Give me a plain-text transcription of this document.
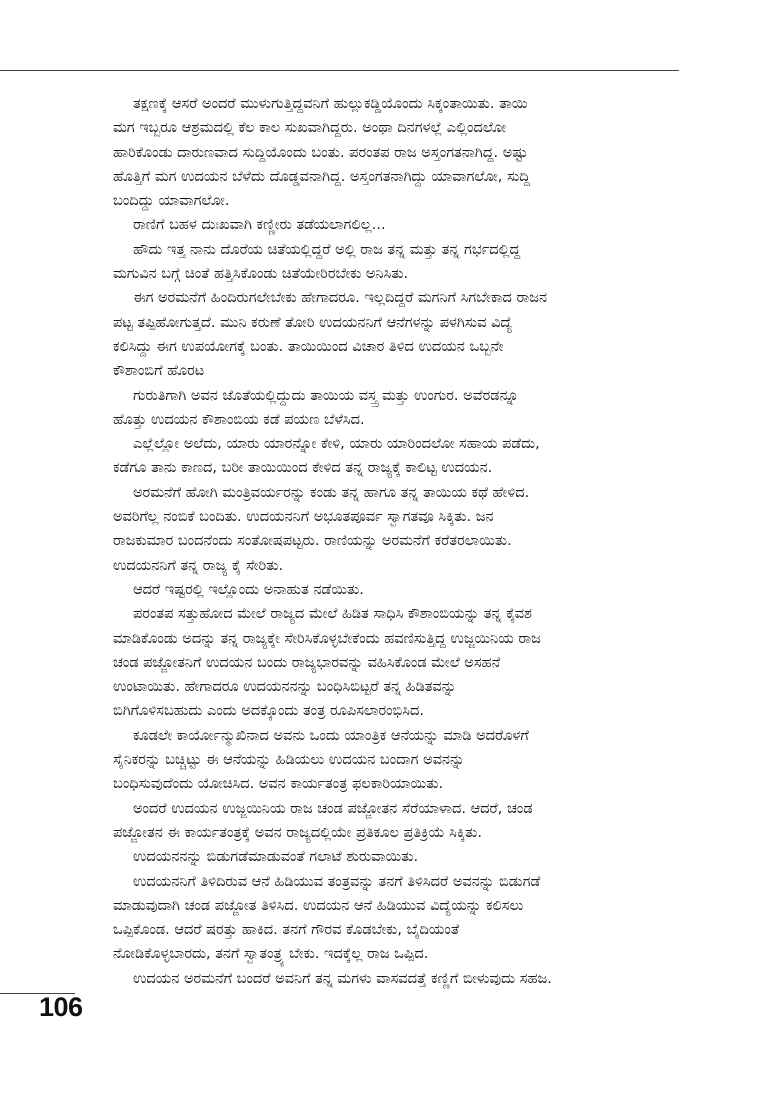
ತಕ್ಷಣಕ್ಕೆ ಆಸರೆ ಅಂದರೆ ಮುಳುಗುತ್ತಿದ್ದವನಿಗೆ ಹುಲ್ಲುಕಡ್ಡಿಯೊಂದು ಸಿಕ್ಕಂತಾಯಿತು. ತಾಯಿ
ಮಗ ಇಬ್ಬರೂ ಆಶ್ರಮದಲ್ಲಿ ಕೆಲ ಕಾಲ ಸುಖವಾಗಿದ್ದರು. ಅಂಥಾ ದಿನಗಳಲ್ಲೆ ಎಲ್ಲಿಂದಲೋ
ಹಾರಿಕೊಂಡು ದಾರುಣವಾದ ಸುದ್ದಿಯೊಂದು ಬಂತು. ಪರಂತಪ ರಾಜ ಅಸ್ತಂಗತನಾಗಿದ್ದ. ಅಷ್ಟು
ಹೊತ್ತಿಗೆ ಮಗ ಉದಯನ ಬೆಳೆದು ದೊಡ್ಡವನಾಗಿದ್ದ. ಅಸ್ತಂಗತನಾಗಿದ್ದು ಯಾವಾಗಲೋ, ಸುದ್ದಿ
ಬಂದಿದ್ದು ಯಾವಾಗಲೋ.

ರಾಣಿಗೆ ಬಹಳ ದುಃಖವಾಗಿ ಕಣ್ಣೀರು ತಡೆಯಲಾಗಲಿಲ್ಲ...

ಹೌದು ಇತ್ತ ನಾನು ದೊರೆಯ ಚಿತೆಯಲ್ಲಿದ್ದರೆ ಅಲ್ಲಿ ರಾಜ ತನ್ನ ಮತ್ತು ತನ್ನ ಗರ್ಭದಲ್ಲಿದ್ದ
ಮಗುವಿನ ಬಗ್ಗೆ ಚಿಂತೆ ಹತ್ತಿಸಿಕೊಂಡು ಚಿತೆಯೇರಿರಬೇಕು ಅನಿಸಿತು.

ಈಗ ಅರಮನೆಗೆ ಹಿಂದಿರುಗಲೇಬೇಕು ಹೇಗಾದರೂ. ಇಲ್ಲದಿದ್ದರೆ ಮಗನಿಗೆ ಸಿಗಬೇಕಾದ ರಾಜನ
ಪಟ್ಟ ತಪ್ಪಿಹೋಗುತ್ತದೆ. ಮುನಿ ಕರುಣೆ ತೋರಿ ಉದಯನನಿಗೆ ಆನೆಗಳನ್ನು ಪಳಗಿಸುವ ವಿದ್ಯೆ
ಕಲಿಸಿದ್ದು ಈಗ ಉಪಯೋಗಕ್ಕೆ ಬಂತು. ತಾಯಿಯಿಂದ ವಿಚಾರ ತಿಳಿದ ಉದಯನ ಒಬ್ಬನೇ
ಕೌಶಾಂಬಿಗೆ ಹೊರಟ

ಗುರುತಿಗಾಗಿ ಅವನ ಜೊತೆಯಲ್ಲಿದ್ದುದು ತಾಯಿಯ ವಸ್ತ್ರ ಮತ್ತು ಉಂಗುರ. ಅವೆರಡನ್ನೂ
ಹೊತ್ತು ಉದಯನ ಕೌಶಾಂಬಿಯ ಕಡೆ ಪಯಣ ಬೆಳೆಸಿದ.

ಎಲ್ಲೆಲ್ಲೋ ಅಲೆದು, ಯಾರು ಯಾರನ್ನೋ ಕೇಳಿ, ಯಾರು ಯಾರಿಂದಲೋ ಸಹಾಯ ಪಡೆದು,
ಕಡೆಗೂ ತಾನು ಕಾಣದ, ಬರೀ ತಾಯಿಯಿಂದ ಕೇಳಿದ ತನ್ನ ರಾಜ್ಯಕ್ಕೆ ಕಾಲಿಟ್ಟ ಉದಯನ.

ಅರಮನೆಗೆ ಹೋಗಿ ಮಂತ್ರಿವರ್ಯರನ್ನು ಕಂಡು ತನ್ನ ಹಾಗೂ ತನ್ನ ತಾಯಿಯ ಕಥೆ ಹೇಳಿದ.
ಅವರಿಗೆಲ್ಲ ನಂಬಿಕೆ ಬಂದಿತು. ಉದಯನನಿಗೆ ಅಭೂತಪೂರ್ವ ಸ್ವಾಗತವೂ ಸಿಕ್ಕಿತು. ಜನ
ರಾಜಕುಮಾರ ಬಂದನೆಂದು ಸಂತೋಷಪಟ್ಟರು. ರಾಣಿಯನ್ನು ಅರಮನೆಗೆ ಕರೆತರಲಾಯಿತು.
ಉದಯನನಿಗೆ ತನ್ನ ರಾಜ್ಯ ಕೈ ಸೇರಿತು.

ಆದರೆ ಇಷ್ಟರಲ್ಲಿ ಇಲ್ಲೊಂದು ಅನಾಹುತ ನಡೆಯಿತು.

ಪರಂತಪ ಸತ್ತುಹೋದ ಮೇಲೆ ರಾಜ್ಯದ ಮೇಲೆ ಹಿಡಿತ ಸಾಧಿಸಿ ಕೌಶಾಂಬಿಯನ್ನು ತನ್ನ ಕೈವಶ
ಮಾಡಿಕೊಂಡು ಅದನ್ನು ತನ್ನ ರಾಜ್ಯಕ್ಕೇ ಸೇರಿಸಿಕೊಳ್ಳಬೇಕೆಂದು ಹವಣಿಸುತ್ತಿದ್ದ ಉಜ್ಜಯಿನಿಯ ರಾಜ
ಚಂಡ ಪಜ್ಜೋತನಿಗೆ ಉದಯನ ಬಂದು ರಾಜ್ಯಭಾರವನ್ನು ವಹಿಸಿಕೊಂಡ ಮೇಲೆ ಅಸಹನೆ
ಉಂಟಾಯಿತು. ಹೇಗಾದರೂ ಉದಯನನನ್ನು ಬಂಧಿಸಿಬಿಟ್ಟರೆ ತನ್ನ ಹಿಡಿತವನ್ನು
ಬಿಗಿಗೊಳಿಸಬಹುದು ಎಂದು ಅದಕ್ಕೊಂದು ತಂತ್ರ ರೂಪಿಸಲಾರಂಭಿಸಿದ.

ಕೂಡಲೇ ಕಾರ್ಯೋನ್ಮುಖಿನಾದ ಅವನು ಒಂದು ಯಾಂತ್ರಿಕ ಆನೆಯನ್ನು ಮಾಡಿ ಅದರೊಳಗೆ
ಸೈನಿಕರನ್ನು ಬಚ್ಚಿಟ್ಟು ಈ ಆನೆಯನ್ನು ಹಿಡಿಯಲು ಉದಯನ ಬಂದಾಗ ಅವನನ್ನು
ಬಂಧಿಸುವುದೆಂದು ಯೋಚಿಸಿದ. ಅವನ ಕಾರ್ಯತಂತ್ರ ಫಲಕಾರಿಯಾಯಿತು.

ಅಂದರೆ ಉದಯನ ಉಜ್ಜಯಿನಿಯ ರಾಜ ಚಂಡ ಪಜ್ಜೋತನ ಸೆರೆಯಾಳಾದ. ಆದರೆ, ಚಂಡ
ಪಜ್ಜೋತನ ಈ ಕಾರ್ಯತಂತ್ರಕ್ಕೆ ಅವನ ರಾಜ್ಯದಲ್ಲಿಯೇ ಪ್ರತಿಕೂಲ ಪ್ರತಿಕ್ರಿಯೆ ಸಿಕ್ಕಿತು.

ಉದಯನನನ್ನು ಬಿಡುಗಡೆಮಾಡುವಂತೆ ಗಲಾಟೆ ಶುರುವಾಯಿತು.

ಉದಯನನಿಗೆ ತಿಳಿದಿರುವ ಆನೆ ಹಿಡಿಯುವ ತಂತ್ರವನ್ನು ತನಗೆ ತಿಳಿಸಿದರೆ ಅವನನ್ನು ಬಿಡುಗಡೆ
ಮಾಡುವುದಾಗಿ ಚಂಡ ಪಜ್ಜೋತ ತಿಳಿಸಿದ. ಉದಯನ ಆನೆ ಹಿಡಿಯುವ ವಿದ್ಯೆಯನ್ನು ಕಲಿಸಲು
ಒಪ್ಪಿಕೊಂಡ. ಆದರೆ ಷರತ್ತು ಹಾಕಿದ. ತನಗೆ ಗೌರವ ಕೊಡಬೇಕು, ಬೈದಿಯಂತೆ
ನೋಡಿಕೊಳ್ಳಬಾರದು, ತನಗೆ ಸ್ವಾತಂತ್ರ್ಯ ಬೇಕು. ಇದಕ್ಕೆಲ್ಲ ರಾಜ ಒಪ್ಪಿದ.

ಉದಯನ ಅರಮನೆಗೆ ಬಂದರೆ ಅವನಿಗೆ ತನ್ನ ಮಗಳು ವಾಸವದತ್ತೆ ಕಣ್ಣಿಗೆ ಬೀಳುವುದು ಸಹಜ.

106
